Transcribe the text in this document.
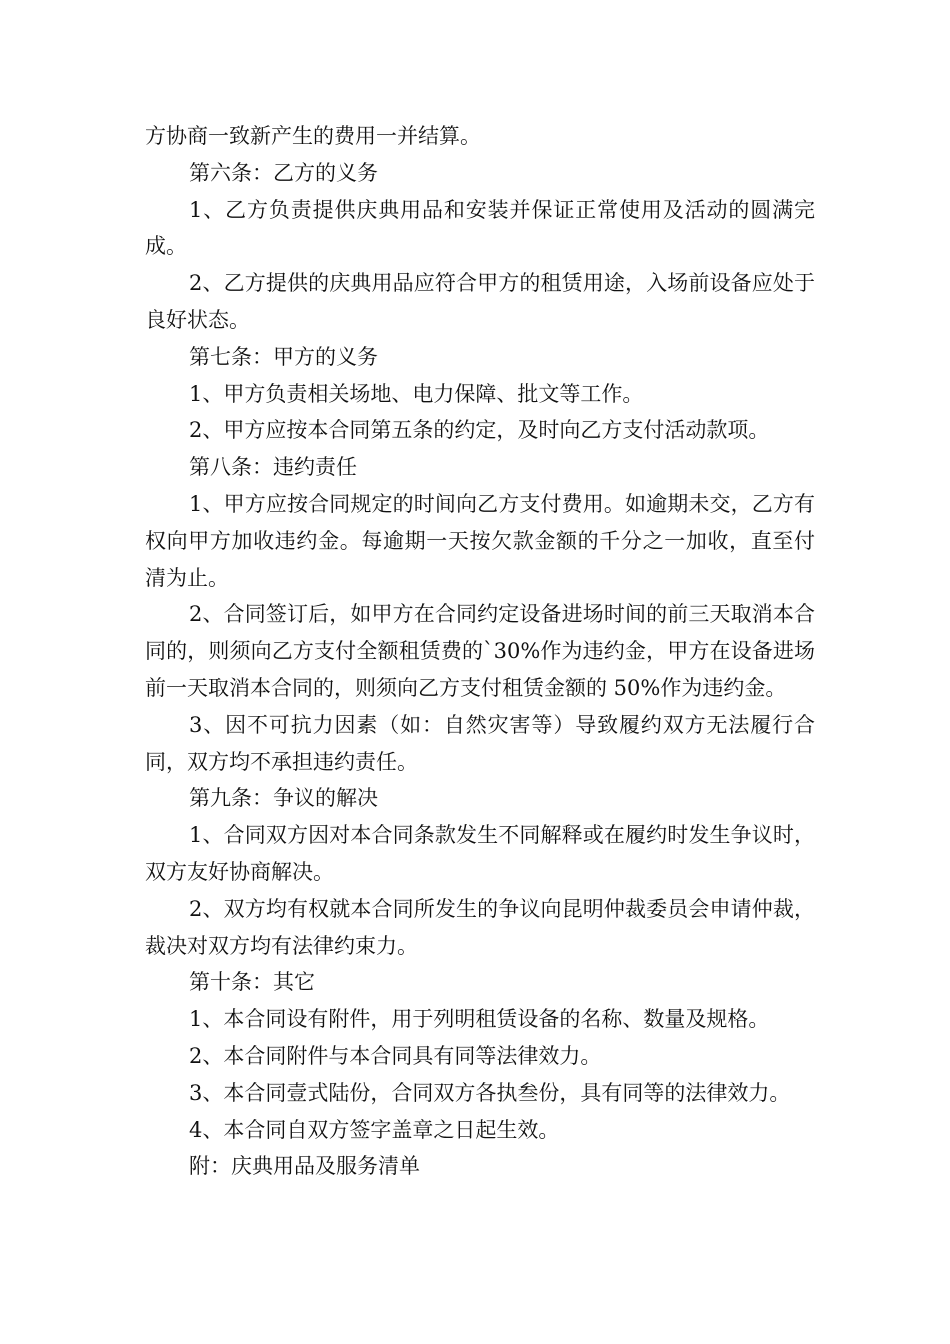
方协商一致新产生的费用一并结算。

第六条：乙方的义务

1、乙方负责提供庆典用品和安装并保证正常使用及活动的圆满完成。

2、乙方提供的庆典用品应符合甲方的租赁用途，入场前设备应处于良好状态。

第七条：甲方的义务

1、甲方负责相关场地、电力保障、批文等工作。

2、甲方应按本合同第五条的约定，及时向乙方支付活动款项。

第八条：违约责任

1、甲方应按合同规定的时间向乙方支付费用。如逾期未交，乙方有权向甲方加收违约金。每逾期一天按欠款金额的千分之一加收，直至付清为止。

2、合同签订后，如甲方在合同约定设备进场时间的前三天取消本合同的，则须向乙方支付全额租赁费的`30%作为违约金，甲方在设备进场前一天取消本合同的，则须向乙方支付租赁金额的 50%作为违约金。

3、因不可抗力因素（如：自然灾害等）导致履约双方无法履行合同，双方均不承担违约责任。

第九条：争议的解决

1、合同双方因对本合同条款发生不同解释或在履约时发生争议时，双方友好协商解决。

2、双方均有权就本合同所发生的争议向昆明仲裁委员会申请仲裁，裁决对双方均有法律约束力。

第十条：其它

1、本合同设有附件，用于列明租赁设备的名称、数量及规格。

2、本合同附件与本合同具有同等法律效力。

3、本合同壹式陆份，合同双方各执叁份，具有同等的法律效力。

4、本合同自双方签字盖章之日起生效。

附：庆典用品及服务清单
